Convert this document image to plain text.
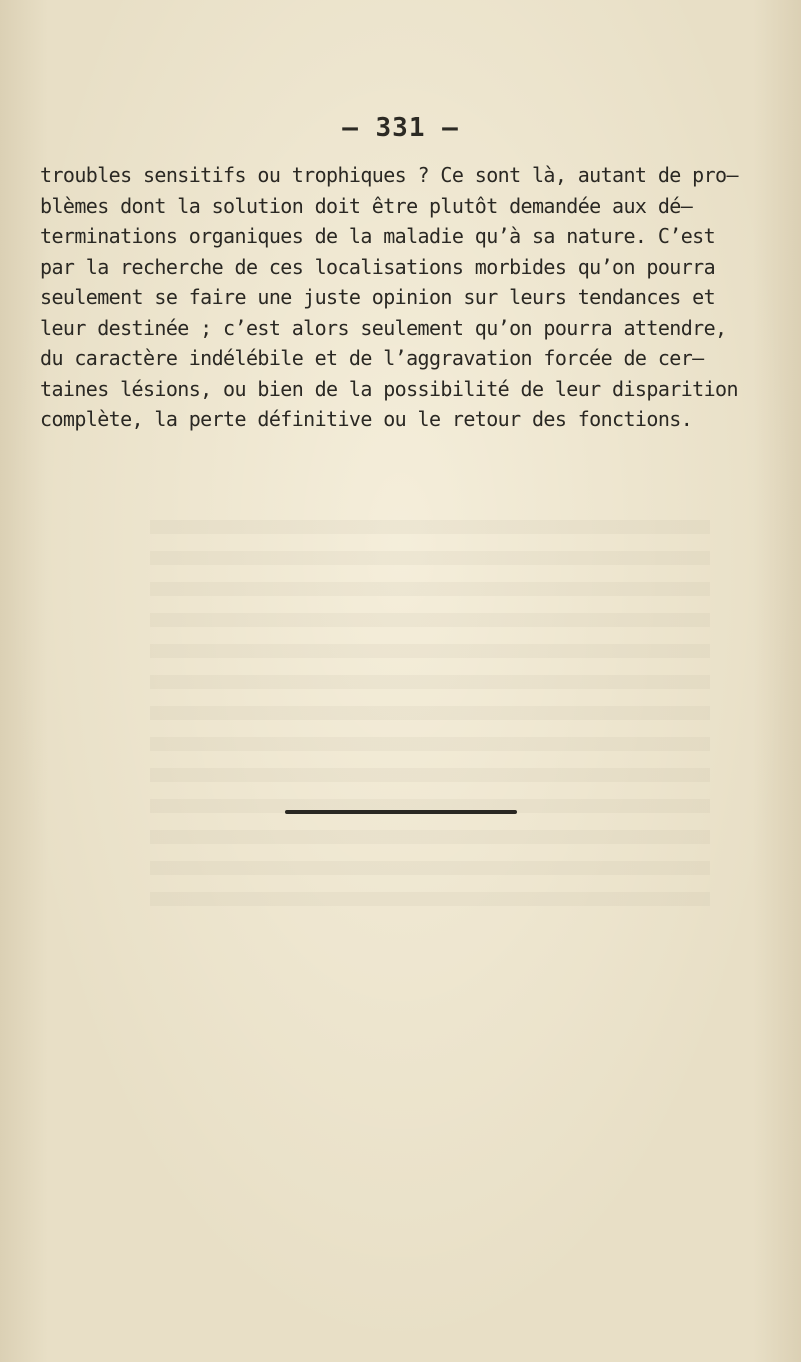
— 331 —
troubles sensitifs ou trophiques ? Ce sont là, autant de pro–
blèmes dont la solution doit être plutôt demandée aux dé–
terminations organiques de la maladie qu’à sa nature. C’est
par la recherche de ces localisations morbides qu’on pourra
seulement se faire une juste opinion sur leurs tendances et
leur destinée ; c’est alors seulement qu’on pourra attendre,
du caractère indélébile et de l’aggravation forcée de cer–
taines lésions, ou bien de la possibilité de leur disparition
complète, la perte définitive ou le retour des fonctions.
